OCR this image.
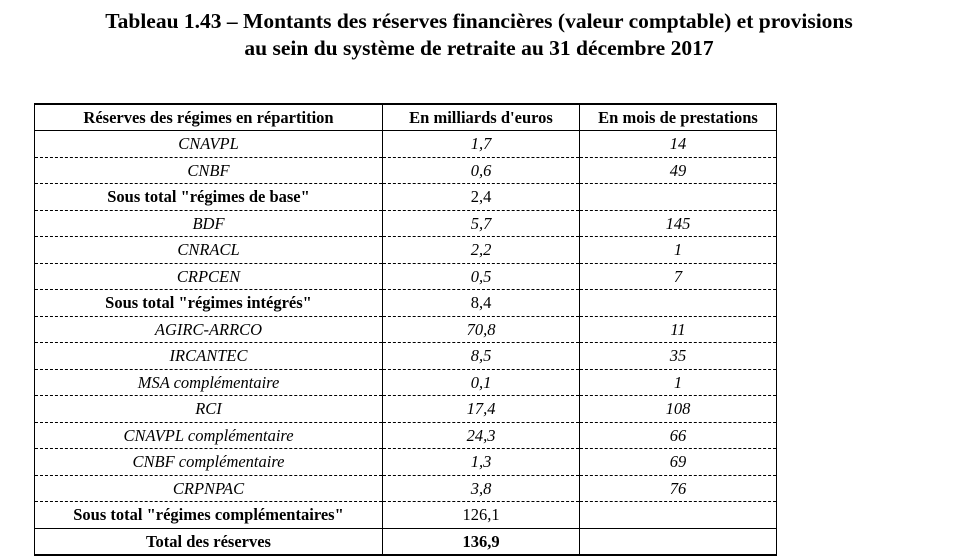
Tableau 1.43 – Montants des réserves financières (valeur comptable) et provisions
au sein du système de retraite au 31 décembre 2017
Réserves des régimes en répartition	En milliards d'euros	En mois de prestations
CNAVPL	1,7	14
CNBF	0,6	49
Sous total "régimes de base"	2,4	
BDF	5,7	145
CNRACL	2,2	1
CRPCEN	0,5	7
Sous total "régimes intégrés"	8,4	
AGIRC-ARRCO	70,8	11
IRCANTEC	8,5	35
MSA complémentaire	0,1	1
RCI	17,4	108
CNAVPL complémentaire	24,3	66
CNBF complémentaire	1,3	69
CRPNPAC	3,8	76
Sous total "régimes complémentaires"	126,1	
Total des réserves	136,9	
